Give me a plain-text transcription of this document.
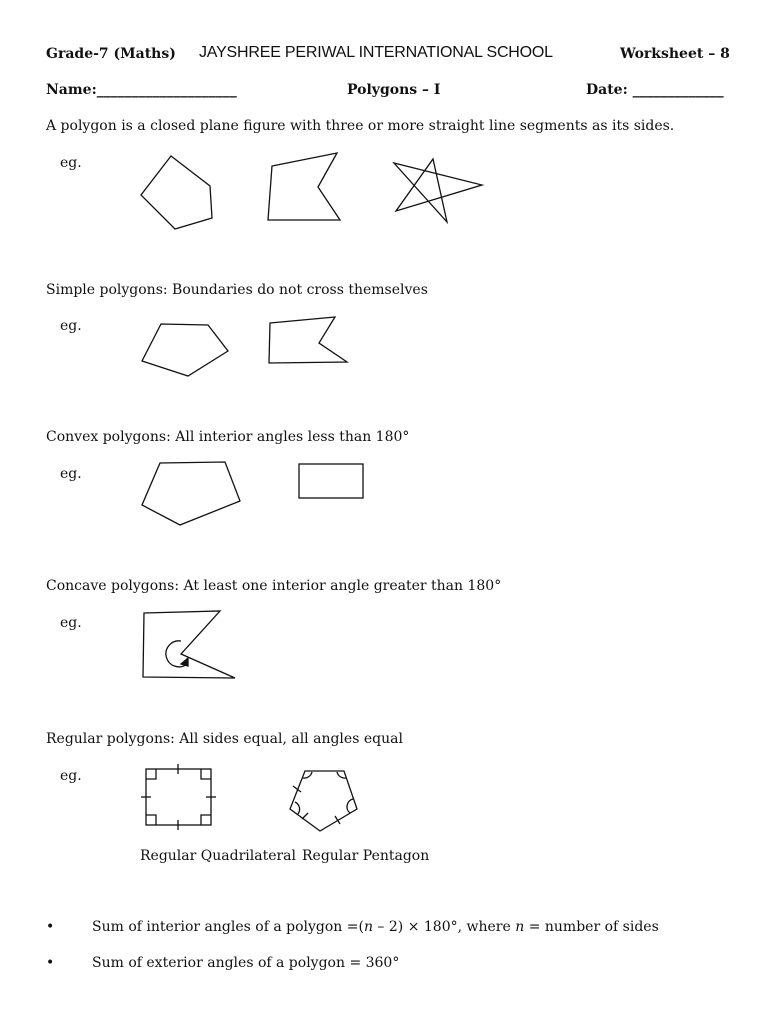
Grade-7 (Maths) JAYSHREE PERIWAL INTERNATIONAL SCHOOL	Worksheet – 8
Name:____________________	Polygons – I	Date: _____________
A polygon is a closed plane figure with three or more straight line segments as its sides.
eg.
Simple polygons: Boundaries do not cross themselves
eg.
Convex polygons: All interior angles less than 180°
eg.
Concave polygons: At least one interior angle greater than 180°
eg.
Regular polygons: All sides equal, all angles equal
eg.
Regular Quadrilateral Regular Pentagon
•	Sum of interior angles of a polygon =(n – 2) × 180°, where n = number of sides
•	Sum of exterior angles of a polygon = 360°
